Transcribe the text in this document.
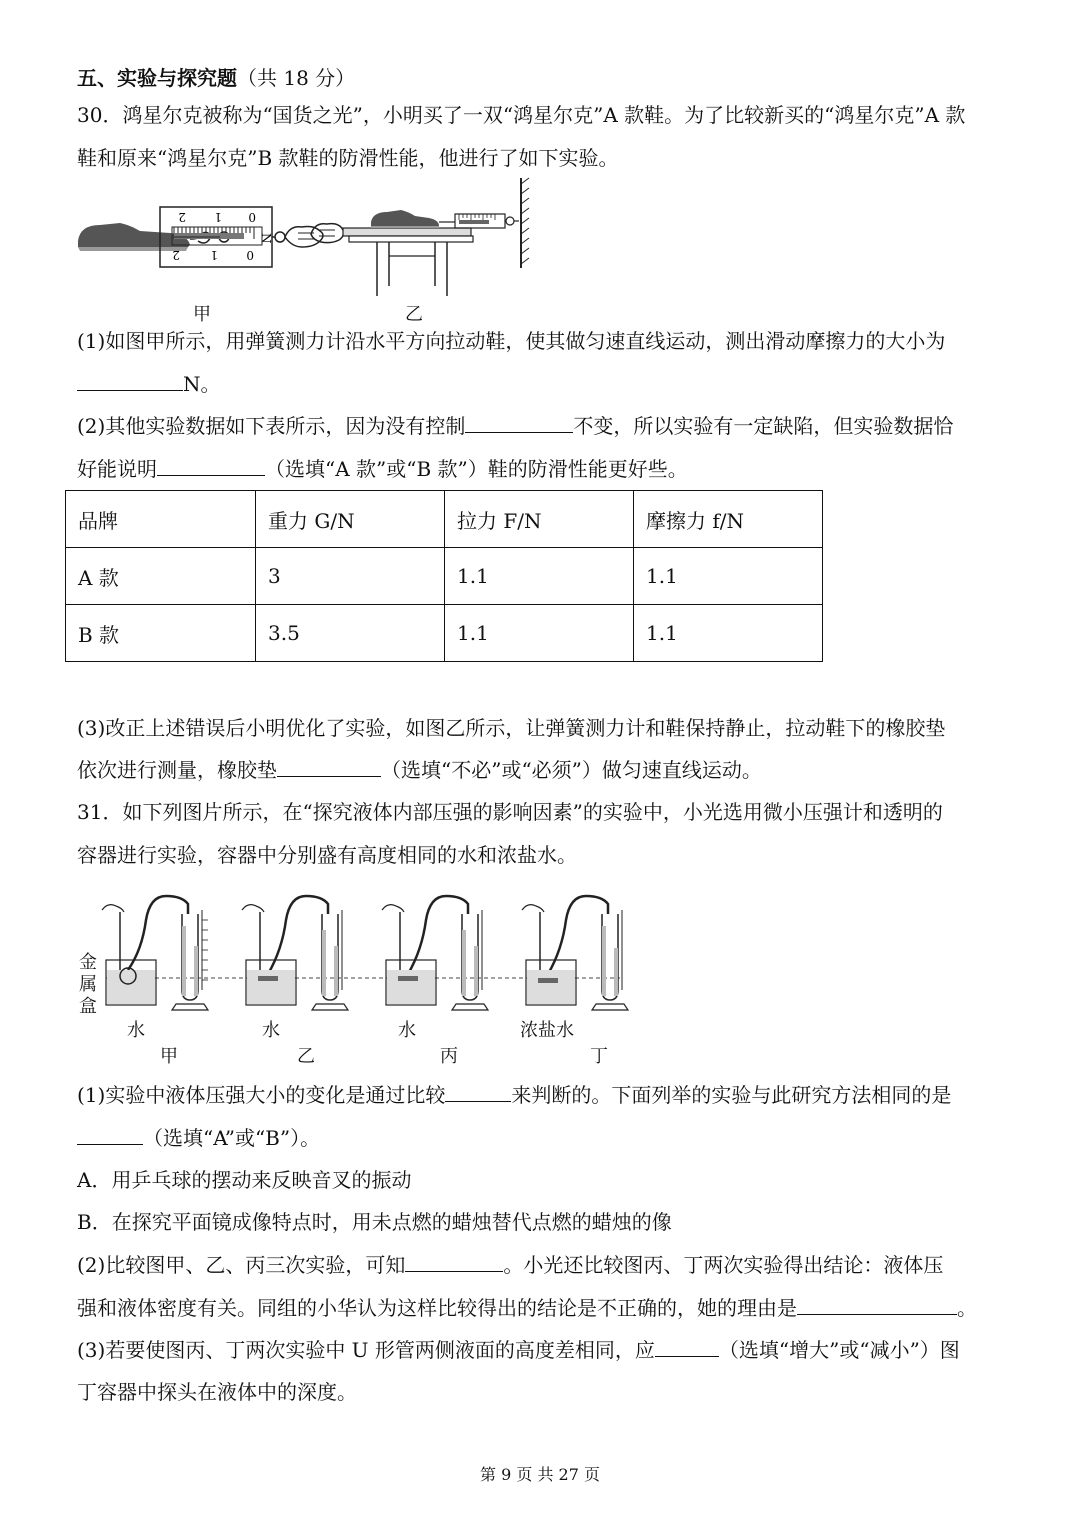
五、实验与探究题（共 18 分）
30．鸿星尔克被称为“国货之光”，小明买了一双“鸿星尔克”A 款鞋。为了比较新买的“鸿星尔克”A 款
鞋和原来“鸿星尔克”B 款鞋的防滑性能，他进行了如下实验。
2 1 0
2	1 0
N
甲	乙
(1)如图甲所示，用弹簧测力计沿水平方向拉动鞋，使其做匀速直线运动，测出滑动摩擦力的大小为
N。
(2)其他实验数据如下表所示，因为没有控制	不变，所以实验有一定缺陷，但实验数据恰
好能说明	（选填“A 款”或“B 款”）鞋的防滑性能更好些。
品牌	重力 G/N	拉力 F/N	摩擦力 f/N
A 款	3	1.1	1.1
B 款	3.5	1.1	1.1
(3)改正上述错误后小明优化了实验，如图乙所示，让弹簧测力计和鞋保持静止，拉动鞋下的橡胶垫
依次进行测量，橡胶垫	（选填“不必”或“必须”）做匀速直线运动。
31．如下列图片所示，在“探究液体内部压强的影响因素”的实验中，小光选用微小压强计和透明的
容器进行实验，容器中分别盛有高度相同的水和浓盐水。
金属盒
水	水	水	浓盐水
甲	乙	丙	丁
(1)实验中液体压强大小的变化是通过比较	来判断的。下面列举的实验与此研究方法相同的是
（选填“A”或“B”）。
A．用乒乓球的摆动来反映音叉的振动
B．在探究平面镜成像特点时，用未点燃的蜡烛替代点燃的蜡烛的像
(2)比较图甲、乙、丙三次实验，可知	。小光还比较图丙、丁两次实验得出结论：液体压
强和液体密度有关。同组的小华认为这样比较得出的结论是不正确的，她的理由是	。
(3)若要使图丙、丁两次实验中 U 形管两侧液面的高度差相同，应	（选填“增大”或“减小”）图
丁容器中探头在液体中的深度。
第 9 页 共 27 页
